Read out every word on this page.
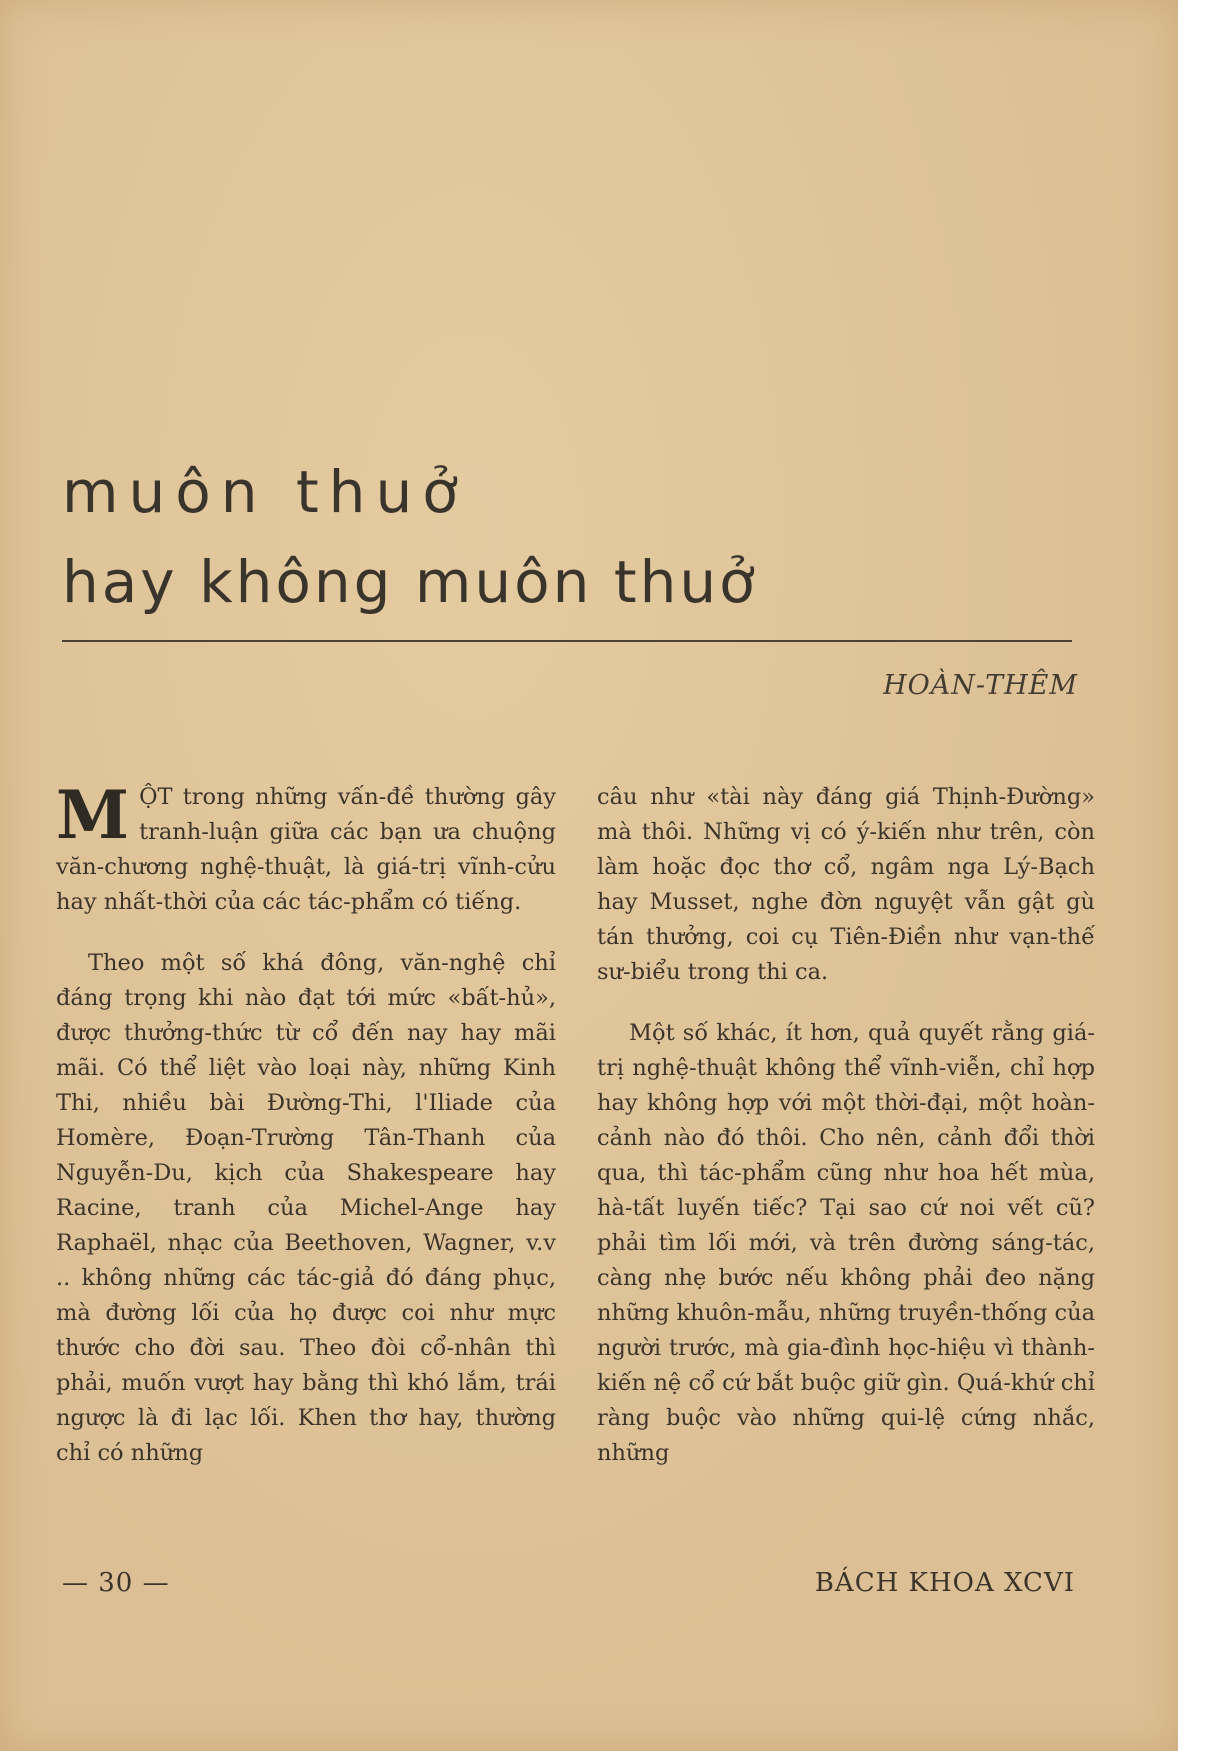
muôn thuở
hay không muôn thuở
HOÀN-THÊM

MỘT trong những vấn-đề thường gây tranh-luận giữa các bạn ưa chuộng văn-chương nghệ-thuật, là giá-trị vĩnh-cửu hay nhất-thời của các tác-phẩm có tiếng.

Theo một số khá đông, văn-nghệ chỉ đáng trọng khi nào đạt tới mức «bất-hủ», được thưởng-thức từ cổ đến nay hay mãi mãi. Có thể liệt vào loại này, những Kinh Thi, nhiều bài Đường-Thi, l'Iliade của Homère, Đoạn-Trường Tân-Thanh của Nguyễn-Du, kịch của Shakespeare hay Racine, tranh của Michel-Ange hay Raphaël, nhạc của Beethoven, Wagner, v.v .. không những các tác-giả đó đáng phục, mà đường lối của họ được coi như mực thước cho đời sau. Theo đòi cổ-nhân thì phải, muốn vượt hay bằng thì khó lắm, trái ngược là đi lạc lối. Khen thơ hay, thường chỉ có những

câu như «tài này đáng giá Thịnh-Đường» mà thôi. Những vị có ý-kiến như trên, còn làm hoặc đọc thơ cổ, ngâm nga Lý-Bạch hay Musset, nghe đờn nguyệt vẫn gật gù tán thưởng, coi cụ Tiên-Điền như vạn-thế sư-biểu trong thi ca.

Một số khác, ít hơn, quả quyết rằng giá-trị nghệ-thuật không thể vĩnh-viễn, chỉ hợp hay không hợp với một thời-đại, một hoàn-cảnh nào đó thôi. Cho nên, cảnh đổi thời qua, thì tác-phẩm cũng như hoa hết mùa, hà-tất luyến tiếc? Tại sao cứ noi vết cũ? phải tìm lối mới, và trên đường sáng-tác, càng nhẹ bước nếu không phải đeo nặng những khuôn-mẫu, những truyền-thống của người trước, mà gia-đình học-hiệu vì thành-kiến nệ cổ cứ bắt buộc giữ gìn. Quá-khứ chỉ ràng buộc vào những qui-lệ cứng nhắc, những

— 30 —	BÁCH KHOA XCVI
